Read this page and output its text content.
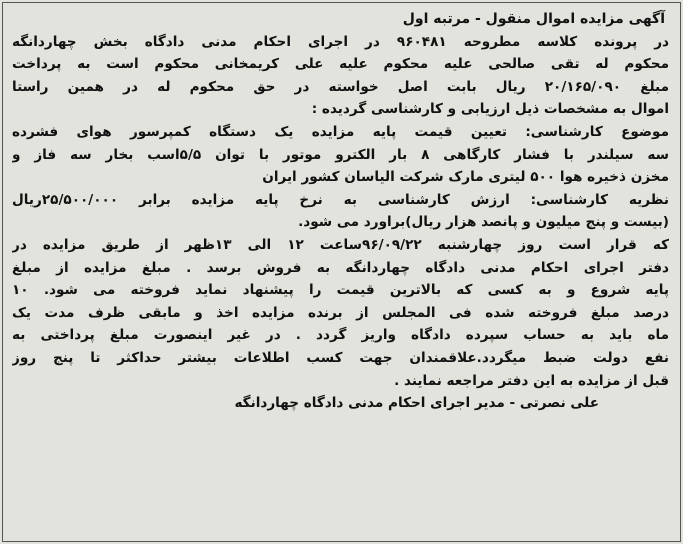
آگهی مزایده اموال منقول - مرتبه اول
در پرونده کلاسه مطروحه ۹۶۰۴۸۱ در اجرای احکام مدنی دادگاه بخش چهاردانگه
محکوم له تقی صالحی علیه محکوم علیه علی کریمخانی محکوم است به پرداخت
مبلغ ۲۰/۱۶۵/۰۹۰ ریال بابت اصل خواسته در حق محکوم له در همین راستا
اموال به مشخصات ذیل ارزیابی و کارشناسی گردیده :
موضوع کارشناسی: تعیین قیمت پایه مزایده یک دستگاه کمپرسور هوای فشرده
سه سیلندر با فشار کارگاهی ۸ بار الکترو موتور با توان ۵/۵اسب بخار سه فاز و
مخزن ذخیره هوا ۵۰۰ لیتری مارک شرکت الیاسان کشور ایران
نظریه کارشناسی: ارزش کارشناسی به نرخ پایه مزایده برابر ۲۵/۵۰۰/۰۰۰ریال
(بیست و پنج میلیون و پانصد هزار ریال)براورد می شود.
که قرار است روز چهارشنبه ۹۶/۰۹/۲۲ساعت ۱۲ الی ۱۳ظهر از طریق مزایده در
دفتر اجرای احکام مدنی دادگاه چهاردانگه به فروش برسد . مبلغ مزایده از مبلغ
پایه شروع و به کسی که بالاترین قیمت را پیشنهاد نماید فروخته می شود. ۱۰
درصد مبلغ فروخته شده فی المجلس از برنده مزایده اخذ و مابقی ظرف مدت یک
ماه باید به حساب سپرده دادگاه واریز گردد . در غیر اینصورت مبلغ پرداختی به
نفع دولت ضبط میگردد.علاقمندان جهت کسب اطلاعات بیشتر حداکثر تا پنج روز
قبل از مزایده به این دفتر مراجعه نمایند .
علی نصرتی - مدیر اجرای احکام مدنی دادگاه چهاردانگه
